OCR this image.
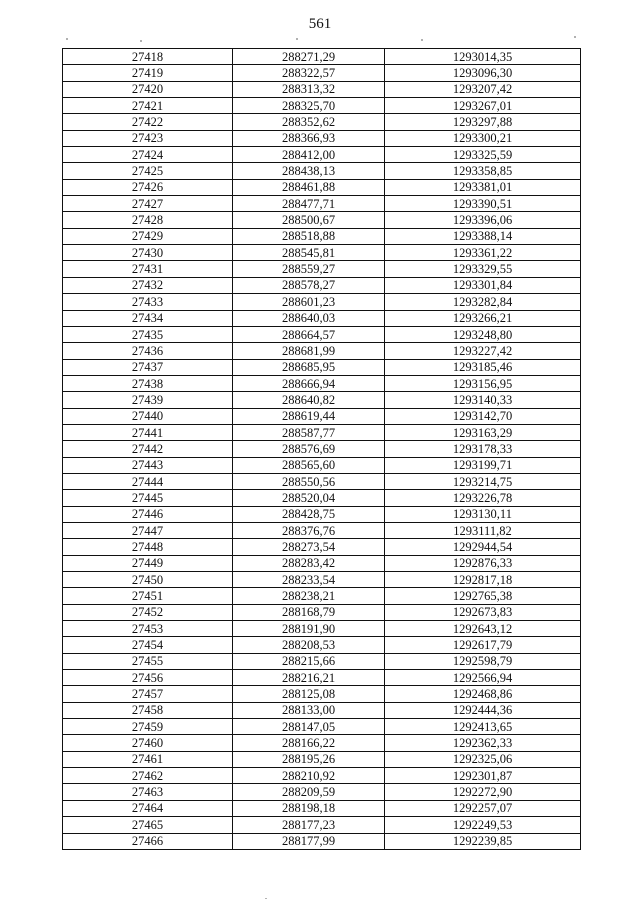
561
27418	288271,29	1293014,35
27419	288322,57	1293096,30
27420	288313,32	1293207,42
27421	288325,70	1293267,01
27422	288352,62	1293297,88
27423	288366,93	1293300,21
27424	288412,00	1293325,59
27425	288438,13	1293358,85
27426	288461,88	1293381,01
27427	288477,71	1293390,51
27428	288500,67	1293396,06
27429	288518,88	1293388,14
27430	288545,81	1293361,22
27431	288559,27	1293329,55
27432	288578,27	1293301,84
27433	288601,23	1293282,84
27434	288640,03	1293266,21
27435	288664,57	1293248,80
27436	288681,99	1293227,42
27437	288685,95	1293185,46
27438	288666,94	1293156,95
27439	288640,82	1293140,33
27440	288619,44	1293142,70
27441	288587,77	1293163,29
27442	288576,69	1293178,33
27443	288565,60	1293199,71
27444	288550,56	1293214,75
27445	288520,04	1293226,78
27446	288428,75	1293130,11
27447	288376,76	1293111,82
27448	288273,54	1292944,54
27449	288283,42	1292876,33
27450	288233,54	1292817,18
27451	288238,21	1292765,38
27452	288168,79	1292673,83
27453	288191,90	1292643,12
27454	288208,53	1292617,79
27455	288215,66	1292598,79
27456	288216,21	1292566,94
27457	288125,08	1292468,86
27458	288133,00	1292444,36
27459	288147,05	1292413,65
27460	288166,22	1292362,33
27461	288195,26	1292325,06
27462	288210,92	1292301,87
27463	288209,59	1292272,90
27464	288198,18	1292257,07
27465	288177,23	1292249,53
27466	288177,99	1292239,85
